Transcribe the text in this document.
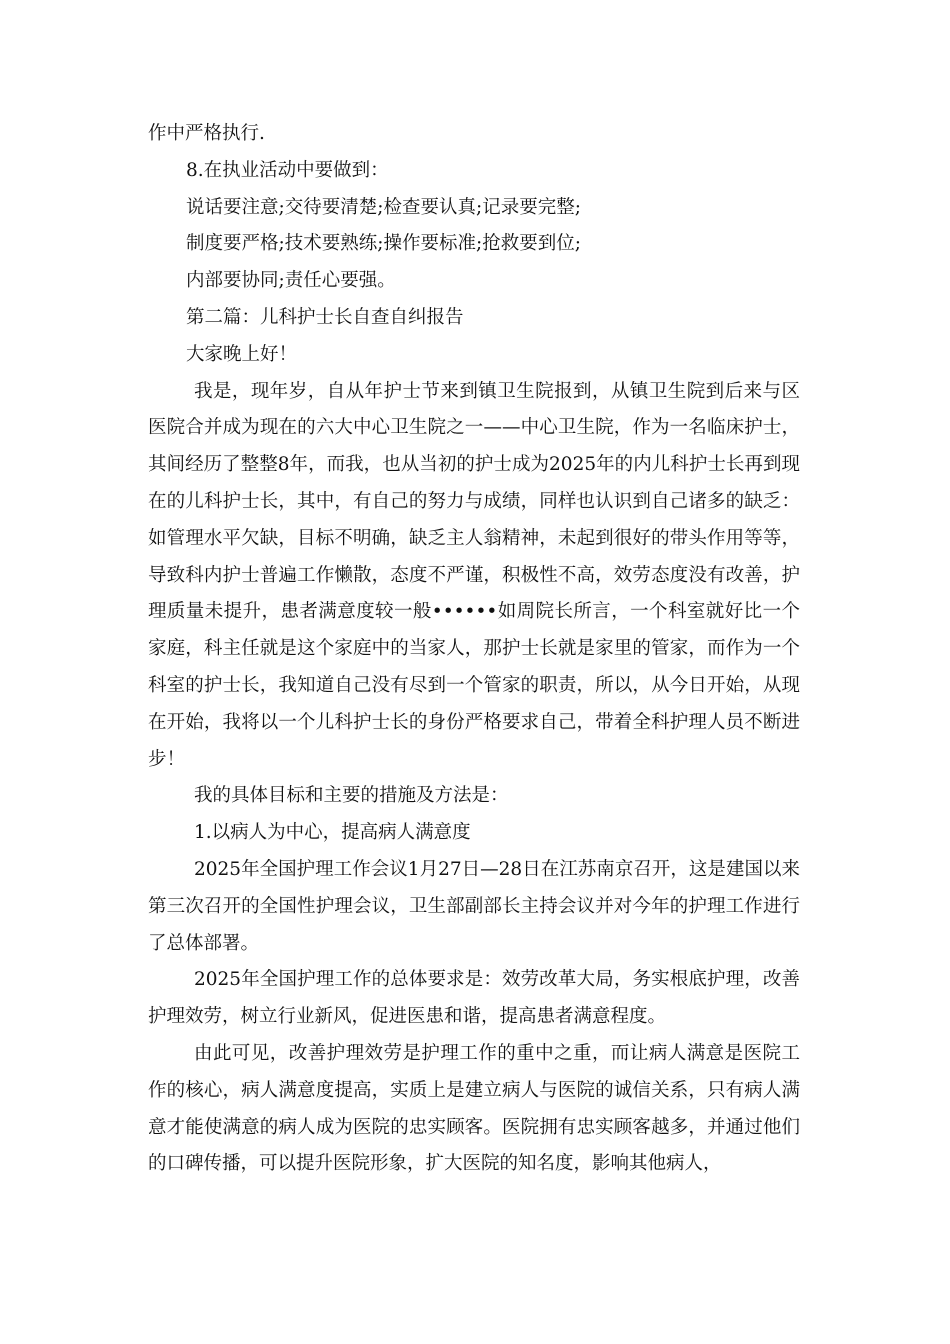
作中严格执行.

8.在执业活动中要做到：

说话要注意;交待要清楚;检查要认真;记录要完整;

制度要严格;技术要熟练;操作要标准;抢救要到位;

内部要协同;责任心要强。

第二篇：儿科护士长自查自纠报告

大家晚上好！

我是，现年岁，自从年护士节来到镇卫生院报到，从镇卫生院到后来与区医院合并成为现在的六大中心卫生院之一——中心卫生院，作为一名临床护士，其间经历了整整8年，而我，也从当初的护士成为2025年的内儿科护士长再到现在的儿科护士长，其中，有自己的努力与成绩，同样也认识到自己诸多的缺乏：如管理水平欠缺，目标不明确，缺乏主人翁精神，未起到很好的带头作用等等，导致科内护士普遍工作懒散，态度不严谨，积极性不高，效劳态度没有改善，护理质量未提升，患者满意度较一般••••••如周院长所言，一个科室就好比一个家庭，科主任就是这个家庭中的当家人，那护士长就是家里的管家，而作为一个科室的护士长，我知道自己没有尽到一个管家的职责，所以，从今日开始，从现在开始，我将以一个儿科护士长的身份严格要求自己，带着全科护理人员不断进步！

我的具体目标和主要的措施及方法是：

1.以病人为中心，提高病人满意度

2025年全国护理工作会议1月27日—28日在江苏南京召开，这是建国以来第三次召开的全国性护理会议，卫生部副部长主持会议并对今年的护理工作进行了总体部署。

2025年全国护理工作的总体要求是：效劳改革大局，务实根底护理，改善护理效劳，树立行业新风，促进医患和谐，提高患者满意程度。

由此可见，改善护理效劳是护理工作的重中之重，而让病人满意是医院工作的核心，病人满意度提高，实质上是建立病人与医院的诚信关系，只有病人满意才能使满意的病人成为医院的忠实顾客。医院拥有忠实顾客越多，并通过他们的口碑传播，可以提升医院形象，扩大医院的知名度，影响其他病人，
